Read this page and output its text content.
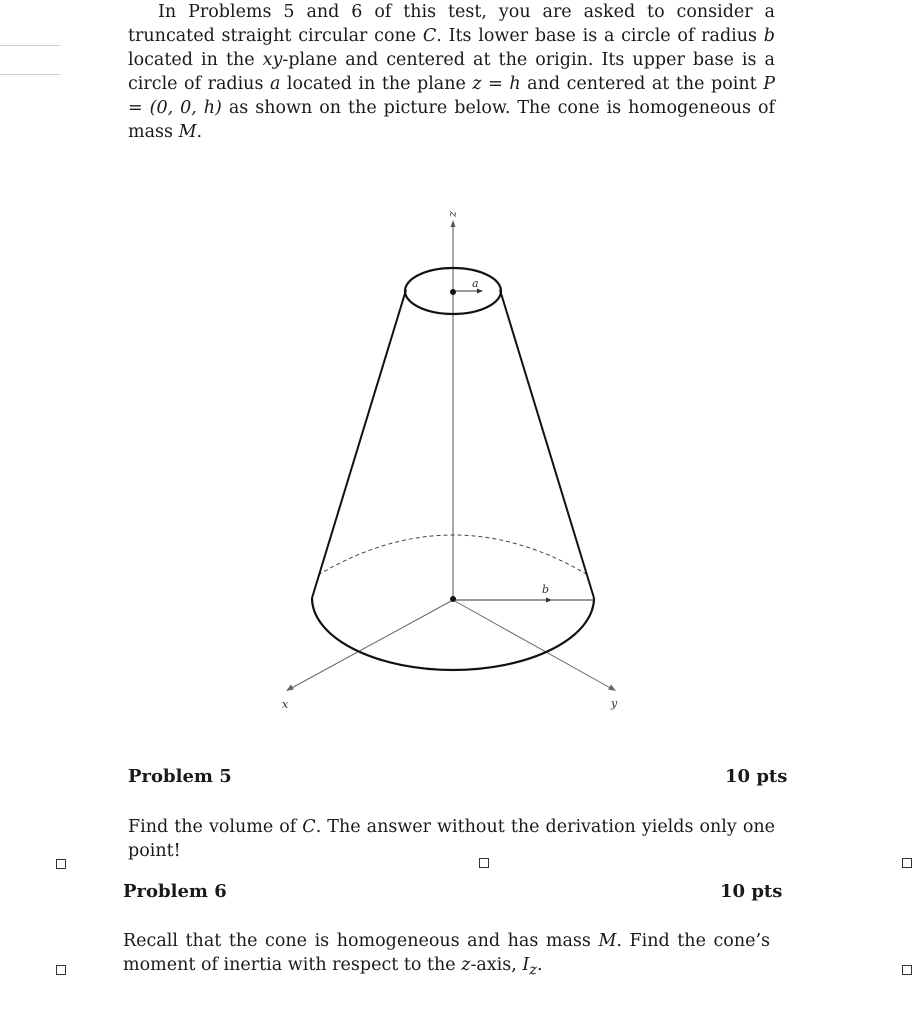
In Problems 5 and 6 of this test, you are asked to consider a truncated straight circular cone C. Its lower base is a circle of radius b located in the xy-plane and centered at the origin. Its upper base is a circle of radius a located in the plane z = h and centered at the point P = (0, 0, h) as shown on the picture below. The cone is homogeneous of mass M.

z
a
b
x	y
Problem 5	10 pts

Find the volume of C. The answer without the derivation yields only one point!

Problem 6	10 pts

Recall that the cone is homogeneous and has mass M. Find the cone’s moment of inertia with respect to the z-axis, $I_z$.
